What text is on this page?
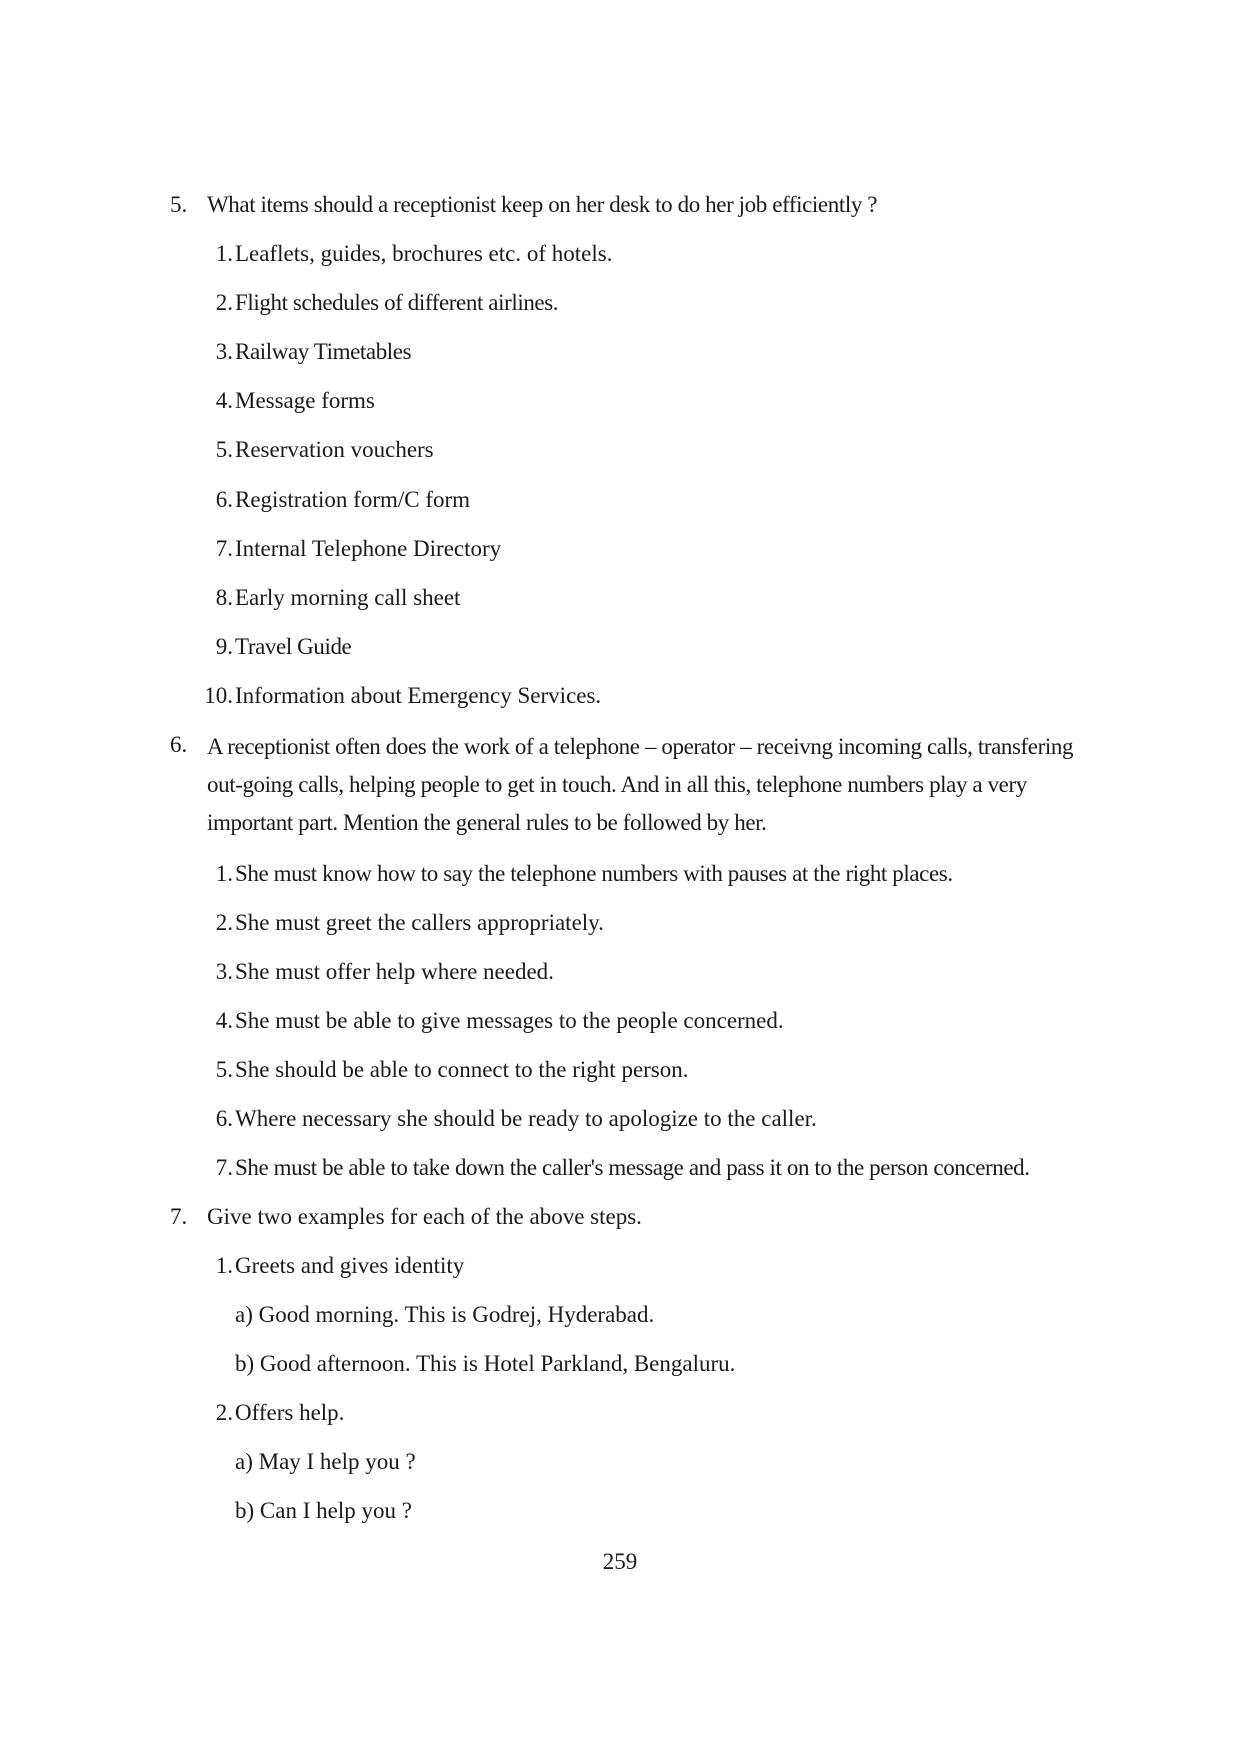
5. What items should a receptionist keep on her desk to do her job efficiently ?
1. Leaflets, guides, brochures etc. of hotels.
2. Flight schedules of different airlines.
3. Railway Timetables
4. Message forms
5. Reservation vouchers
6. Registration form/C form
7. Internal Telephone Directory
8. Early morning call sheet
9. Travel Guide
10. Information about Emergency Services.
6. A receptionist often does the work of a telephone – operator – receivng incoming calls, transfering out-going calls, helping people to get in touch. And in all this, telephone numbers play a very important part. Mention the general rules to be followed by her.
1. She must know how to say the telephone numbers with pauses at the right places.
2. She must greet the callers appropriately.
3. She must offer help where needed.
4. She must be able to give messages to the people concerned.
5. She should be able to connect to the right person.
6. Where necessary she should be ready to apologize to the caller.
7. She must be able to take down the caller's message and pass it on to the person concerned.
7. Give two examples for each of the above steps.
1. Greets and gives identity
a) Good morning. This is Godrej, Hyderabad.
b) Good afternoon. This is Hotel Parkland, Bengaluru.
2. Offers help.
a) May I help you ?
b) Can I help you ?
259
